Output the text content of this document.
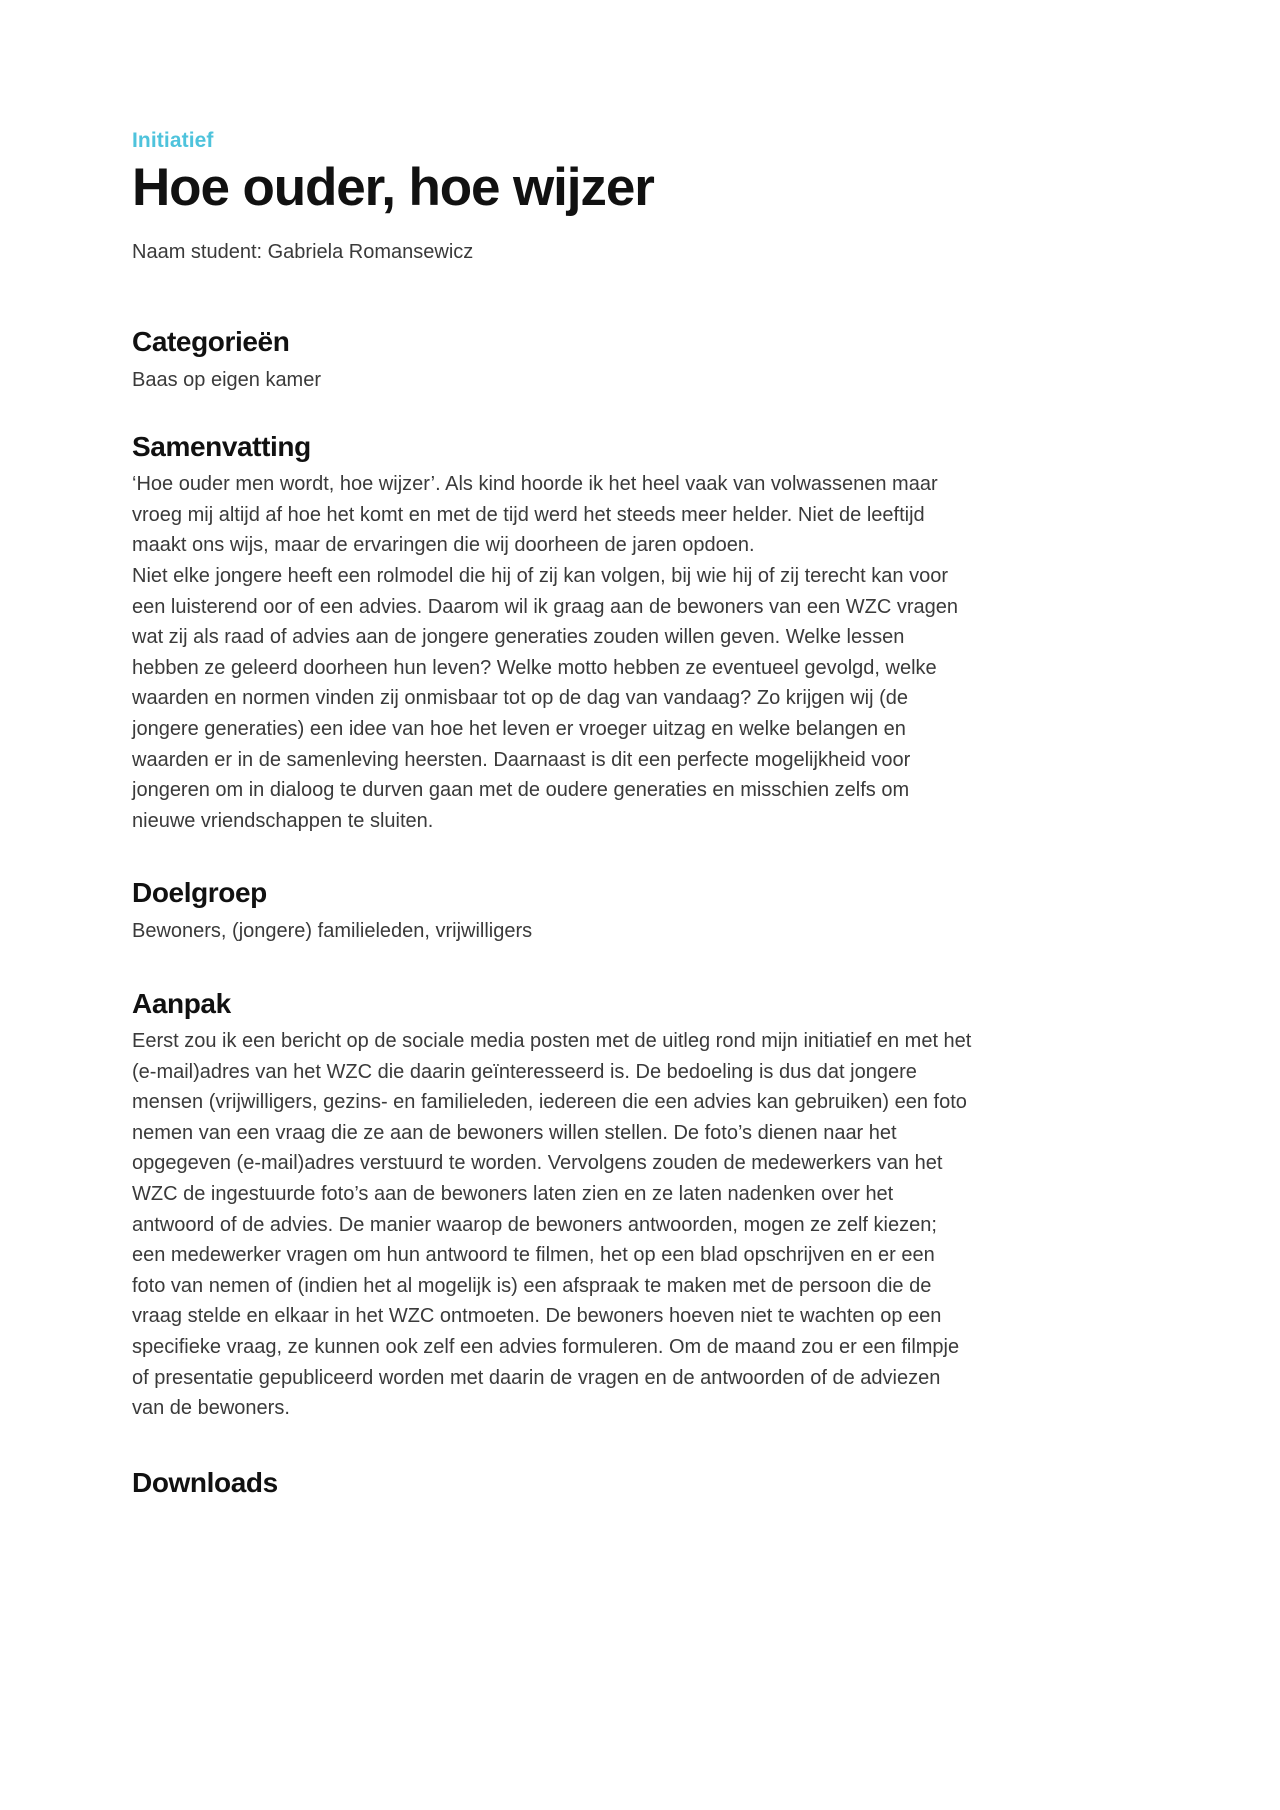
Initiatief
Hoe ouder, hoe wijzer
Naam student: Gabriela Romansewicz
Categorieën
Baas op eigen kamer
Samenvatting

‘Hoe ouder men wordt, hoe wijzer’. Als kind hoorde ik het heel vaak van volwassenen maar vroeg mij altijd af hoe het komt en met de tijd werd het steeds meer helder. Niet de leeftijd maakt ons wijs, maar de ervaringen die wij doorheen de jaren opdoen.

Niet elke jongere heeft een rolmodel die hij of zij kan volgen, bij wie hij of zij terecht kan voor een luisterend oor of een advies. Daarom wil ik graag aan de bewoners van een WZC vragen wat zij als raad of advies aan de jongere generaties zouden willen geven. Welke lessen hebben ze geleerd doorheen hun leven? Welke motto hebben ze eventueel gevolgd, welke waarden en normen vinden zij onmisbaar tot op de dag van vandaag? Zo krijgen wij (de jongere generaties) een idee van hoe het leven er vroeger uitzag en welke belangen en waarden er in de samenleving heersten. Daarnaast is dit een perfecte mogelijkheid voor jongeren om in dialoog te durven gaan met de oudere generaties en misschien zelfs om nieuwe vriendschappen te sluiten.

Doelgroep
Bewoners, (jongere) familieleden, vrijwilligers
Aanpak
Eerst zou ik een bericht op de sociale media posten met de uitleg rond mijn initiatief en met het (e-mail)adres van het WZC die daarin geïnteresseerd is. De bedoeling is dus dat jongere mensen (vrijwilligers, gezins- en familieleden, iedereen die een advies kan gebruiken) een foto nemen van een vraag die ze aan de bewoners willen stellen. De foto’s dienen naar het opgegeven (e-mail)adres verstuurd te worden. Vervolgens zouden de medewerkers van het WZC de ingestuurde foto’s aan de bewoners laten zien en ze laten nadenken over het antwoord of de advies. De manier waarop de bewoners antwoorden, mogen ze zelf kiezen; een medewerker vragen om hun antwoord te filmen, het op een blad opschrijven en er een foto van nemen of (indien het al mogelijk is) een afspraak te maken met de persoon die de vraag stelde en elkaar in het WZC ontmoeten. De bewoners hoeven niet te wachten op een specifieke vraag, ze kunnen ook zelf een advies formuleren. Om de maand zou er een filmpje of presentatie gepubliceerd worden met daarin de vragen en de antwoorden of de adviezen van de bewoners.
Downloads
